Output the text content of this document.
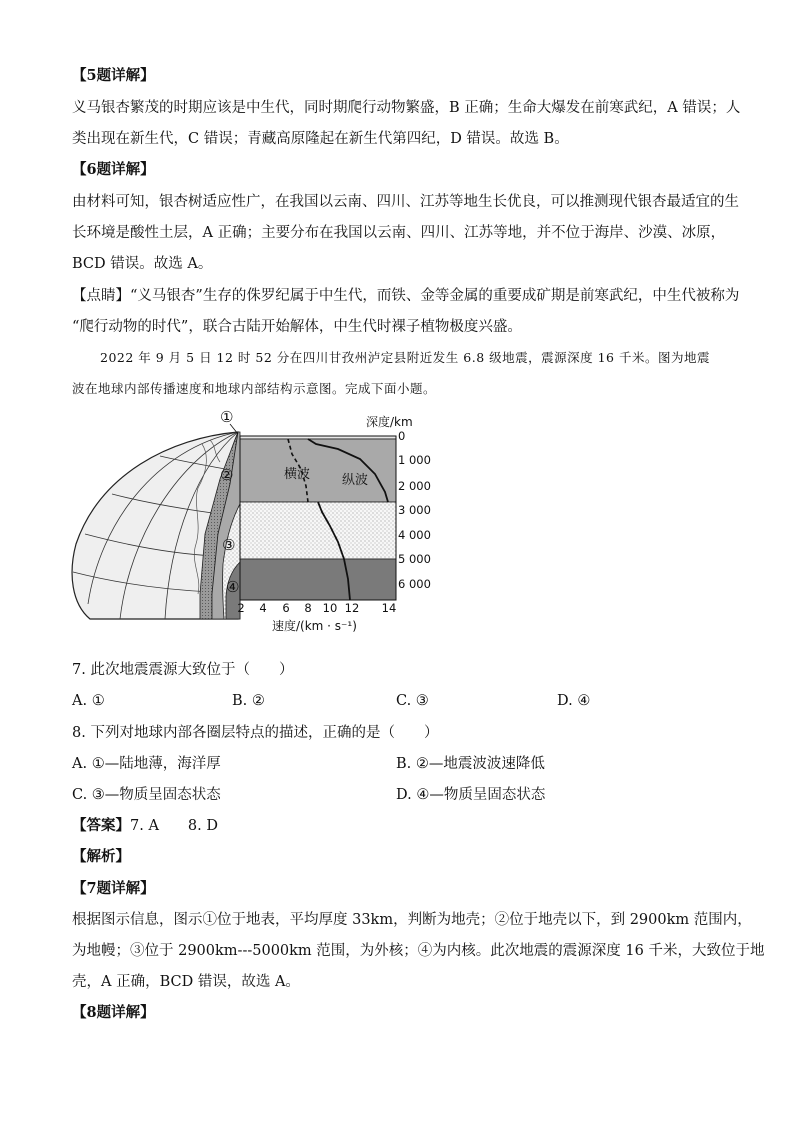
【5题详解】
义马银杏繁茂的时期应该是中生代，同时期爬行动物繁盛，B 正确；生命大爆发在前寒武纪，A 错误；人
类出现在新生代，C 错误；青藏高原隆起在新生代第四纪，D 错误。故选 B。
【6题详解】
由材料可知，银杏树适应性广，在我国以云南、四川、江苏等地生长优良，可以推测现代银杏最适宜的生
长环境是酸性土层，A 正确；主要分布在我国以云南、四川、江苏等地，并不位于海岸、沙漠、冰原，
BCD 错误。故选 A。
【点睛】“义马银杏”生存的侏罗纪属于中生代，而铁、金等金属的重要成矿期是前寒武纪，中生代被称为
“爬行动物的时代”，联合古陆开始解体，中生代时裸子植物极度兴盛。
2022 年 9 月 5 日 12 时 52 分在四川甘孜州泸定县附近发生 6.8 级地震，震源深度 16 千米。图为地震
波在地球内部传播速度和地球内部结构示意图。完成下面小题。
横波 纵波
深度/km
0
1 000
2 000
3 000
4 000
5 000
6 000
2 4 6 8 10 12 14
速度/(km · s⁻¹)
①
②
③
④
7. 此次地震震源大致位于（　　）
A. ①	B. ②	C. ③	D. ④
8. 下列对地球内部各圈层特点的描述，正确的是（　　）
A. ①—陆地薄，海洋厚	B. ②—地震波波速降低
C. ③—物质呈固态状态	D. ④—物质呈固态状态
【答案】7. A　　8. D
【解析】
【7题详解】
根据图示信息，图示①位于地表，平均厚度 33km，判断为地壳；②位于地壳以下，到 2900km 范围内，
为地幔；③位于 2900km---5000km 范围，为外核；④为内核。此次地震的震源深度 16 千米，大致位于地
壳，A 正确，BCD 错误，故选 A。
【8题详解】
